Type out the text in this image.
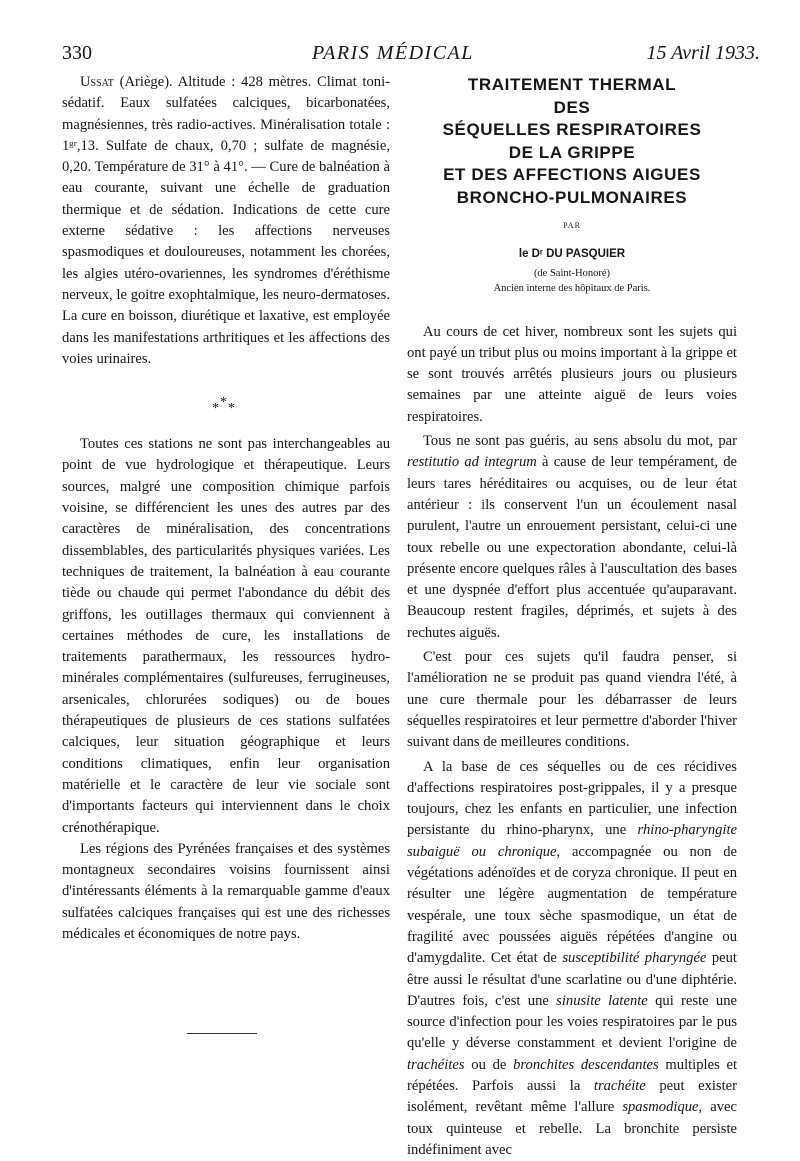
330	PARIS MÉDICAL	15 Avril 1933.

Ussat (Ariège). Altitude : 428 mètres. Climat toni-sédatif. Eaux sulfatées calciques, bicarbonatées, magnésiennes, très radio-actives. Minéralisation totale : 1ᵍʳ,13. Sulfate de chaux, 0,70 ; sulfate de magnésie, 0,20. Température de 31° à 41°. — Cure de balnéation à eau courante, suivant une échelle de graduation thermique et de sédation. Indications de cette cure externe sédative : les affections nerveuses spasmodiques et douloureuses, notamment les chorées, les algies utéro-ovariennes, les syndromes d'éréthisme nerveux, le goitre exophtalmique, les neuro-dermatoses. La cure en boisson, diurétique et laxative, est employée dans les manifestations arthritiques et les affections des voies urinaires.

*
* *

Toutes ces stations ne sont pas interchangeables au point de vue hydrologique et thérapeutique. Leurs sources, malgré une composition chimique parfois voisine, se différencient les unes des autres par des caractères de minéralisation, des concentrations dissemblables, des particularités physiques variées. Les techniques de traitement, la balnéation à eau courante tiède ou chaude qui permet l'abondance du débit des griffons, les outillages thermaux qui conviennent à certaines méthodes de cure, les installations de traitements parathermaux, les ressources hydro-minérales complémentaires (sulfureuses, ferrugineuses, arsenicales, chlorurées sodiques) ou de boues thérapeutiques de plusieurs de ces stations sulfatées calciques, leur situation géographique et leurs conditions climatiques, enfin leur organisation matérielle et le caractère de leur vie sociale sont d'importants facteurs qui interviennent dans le choix crénothérapique.

Les régions des Pyrénées françaises et des systèmes montagneux secondaires voisins fournissent ainsi d'intéressants éléments à la remarquable gamme d'eaux sulfatées calciques françaises qui est une des richesses médicales et économiques de notre pays.

TRAITEMENT THERMAL
DES
SÉQUELLES RESPIRATOIRES
DE LA GRIPPE
ET DES AFFECTIONS AIGUES
BRONCHO-PULMONAIRES
PAR
le Dʳ DU PASQUIER
(de Saint-Honoré)
Ancien interne des hôpitaux de Paris.

Au cours de cet hiver, nombreux sont les sujets qui ont payé un tribut plus ou moins important à la grippe et se sont trouvés arrêtés plusieurs jours ou plusieurs semaines par une atteinte aiguë de leurs voies respiratoires.

Tous ne sont pas guéris, au sens absolu du mot, par restitutio ad integrum à cause de leur tempérament, de leurs tares héréditaires ou acquises, ou de leur état antérieur : ils conservent l'un un écoulement nasal purulent, l'autre un enrouement persistant, celui-ci une toux rebelle ou une expectoration abondante, celui-là présente encore quelques râles à l'auscultation des bases et une dyspnée d'effort plus accentuée qu'auparavant. Beaucoup restent fragiles, déprimés, et sujets à des rechutes aiguës.

C'est pour ces sujets qu'il faudra penser, si l'amélioration ne se produit pas quand viendra l'été, à une cure thermale pour les débarrasser de leurs séquelles respiratoires et leur permettre d'aborder l'hiver suivant dans de meilleures conditions.

A la base de ces séquelles ou de ces récidives d'affections respiratoires post-grippales, il y a presque toujours, chez les enfants en particulier, une infection persistante du rhino-pharynx, une rhino-pharyngite subaiguë ou chronique, accompagnée ou non de végétations adénoïdes et de coryza chronique. Il peut en résulter une légère augmentation de température vespérale, une toux sèche spasmodique, un état de fragilité avec poussées aiguës répétées d'angine ou d'amygdalite. Cet état de susceptibilité pharyngée peut être aussi le résultat d'une scarlatine ou d'une diphtérie. D'autres fois, c'est une sinusite latente qui reste une source d'infection pour les voies respiratoires par le pus qu'elle y déverse constamment et devient l'origine de trachéites ou de bronchites descendantes multiples et répétées. Parfois aussi la trachéite peut exister isolément, revêtant même l'allure spasmodique, avec toux quinteuse et rebelle. La bronchite persiste indéfiniment avec
